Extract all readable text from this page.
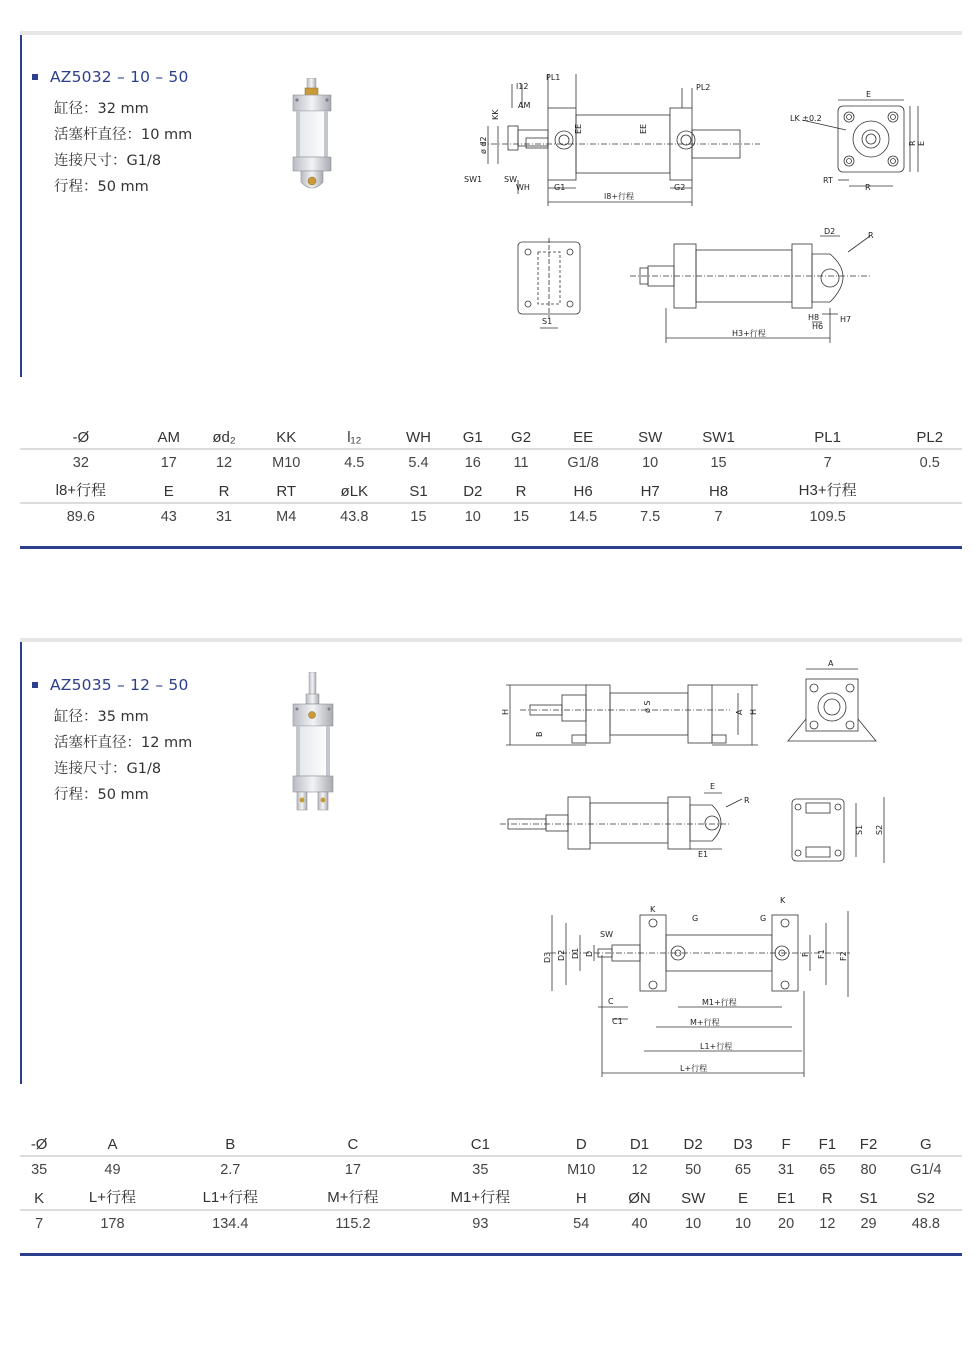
AZ5032 – 10 – 50
缸径：32 mm
活塞杆直径：10 mm
连接尺寸：G1/8
行程：50 mm
l12
PL1
PL2
AM
KK
ø d2
EE	EE
SW1	SW
WH	G1	G2
l8+行程
E
LK ±0.2
R E
RT
R
S1
D2	R
H8
H6
H7
H3+行程
-Ø	AM	ød₂	KK	l₁₂	WH	G1	G2	EE	SW	SW1	PL1	PL2
32	17	12	M10	4.5	5.4	16	11	G1/8	10	15	7	0.5
l8+行程	E	R	RT	øLK	S1	D2	R	H6	H7	H8	H3+行程	
89.6	43	31	M4	43.8	15	10	15	14.5	7.5	7	109.5	
AZ5035 – 12 – 50
缸径：35 mm
活塞杆直径：12 mm
连接尺寸：G1/8
行程：50 mm
H
B
ø S	A H
A
E
R
E1
S1 S2
K
G
K
G
SW
D3 D2 D1 D	F F1 F2
C
C1
M1+行程
M+行程
L1+行程
L+行程
-Ø	A	B	C	C1	D	D1	D2	D3	F	F1	F2	G
35	49	2.7	17	35	M10	12	50	65	31	65	80	G1/4
K	L+行程	L1+行程	M+行程	M1+行程	H	ØN	SW	E	E1	R	S1	S2
7	178	134.4	115.2	93	54	40	10	10	20	12	29	48.8
